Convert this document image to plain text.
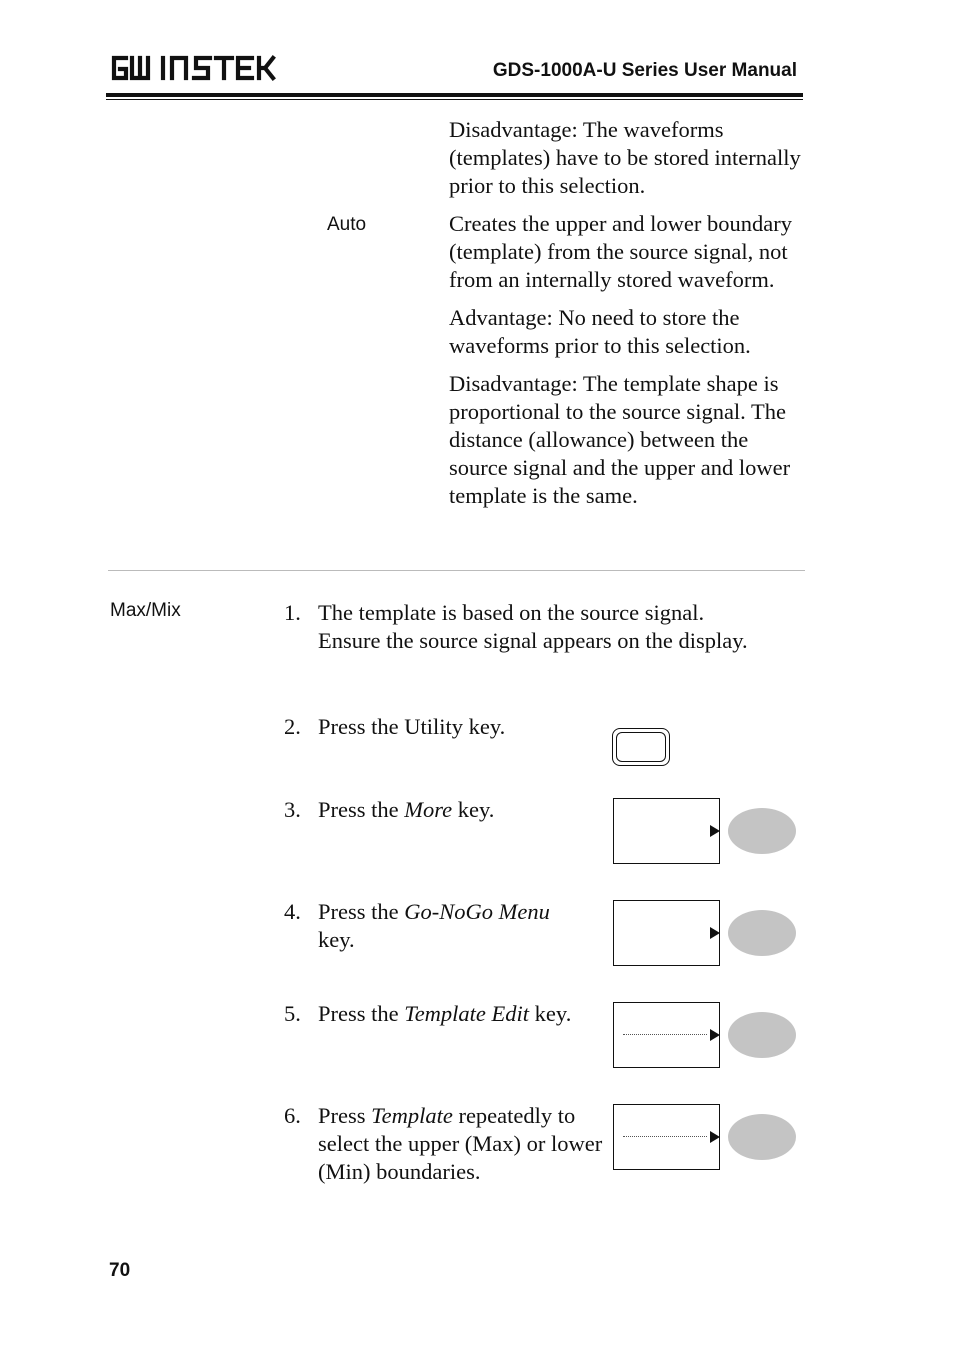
GDS-1000A-U Series User Manual

Disadvantage: The waveforms (templates) have to be stored internally prior to this selection.

Creates the upper and lower boundary (template) from the source signal, not from an internally stored waveform.

Advantage: No need to store the waveforms prior to this selection.

Disadvantage: The template shape is proportional to the source signal. The distance (allowance) between the source signal and the upper and lower template is the same.

Auto
Max/Mix	1. The template is based on the source signal. Ensure the source signal appears on the display.
2. Press the Utility key.
3. Press the More key.
4. Press the Go-NoGo Menu
key.
5. Press the Template Edit key.
6. Press Template repeatedly to select the upper (Max) or lower (Min) boundaries.
70
